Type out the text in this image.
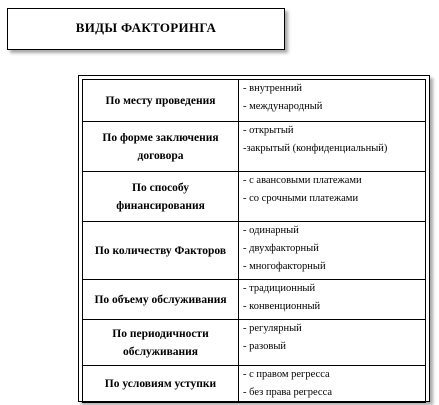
ВИДЫ ФАКТОРИНГА
По месту проведения	- внутренний
- международный

По форме заключения договора	- открытый
-закрытый (конфиденциальный)

По способу финансирования	- с авансовыми платежами
- со срочными платежами

По количеству Факторов	- одинарный
- двухфакторный
- многофакторный

По объему обслуживания	- традиционный
- конвенционный

По периодичности обслуживания	- регулярный
- разовый

По условиям уступки	- с правом регресса
- без права регресса
